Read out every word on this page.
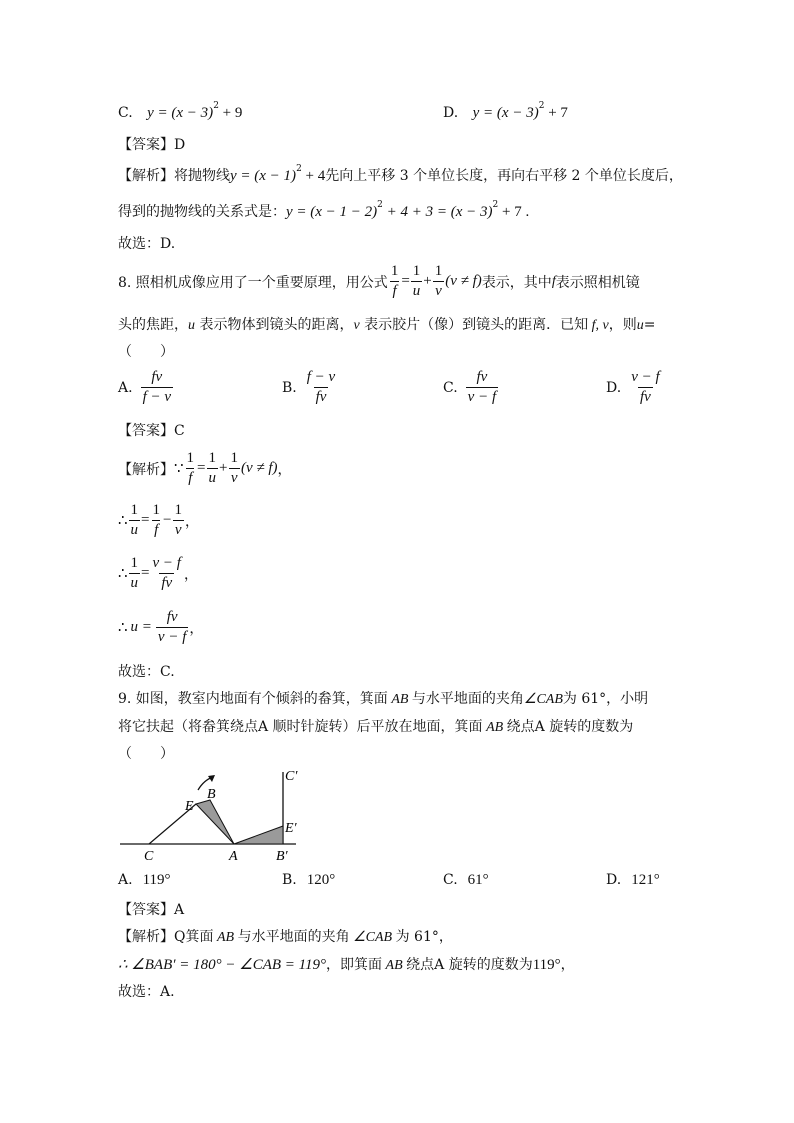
C. $y = (x - 3)^2 + 9$	D. $y = (x - 3)^2 + 7$
【答案】D
【解析】将抛物线$y = (x - 1)^2 + 4$先向上平移 3 个单位长度，再向右平移 2 个单位长度后，
得到的抛物线的关系式是：$y = (x - 1 - 2)^2 + 4 + 3 = (x - 3)^2 + 7$ .
故选：D.
8. 照相机成像应用了一个重要原理，用公式 $\frac{1}{f} = \frac{1}{u} + \frac{1}{v} (v \ne f)$ 表示，其中 f 表示照相机镜
头的焦距，u 表示物体到镜头的距离，v 表示胶片（像）到镜头的距离．已知 f, v，则u=
（　　）
A. $\frac{fv}{f - v}$	B. $\frac{f - v}{fv}$	C. $\frac{fv}{v - f}$	D. $\frac{v - f}{fv}$
【答案】C
【解析】 ∵ $\frac{1}{f} = \frac{1}{u} + \frac{1}{v} (v \ne f)$ ，
∴ $\frac{1}{u} = \frac{1}{f} - \frac{1}{v}$ ，
∴ $\frac{1}{u} = \frac{v - f}{fv}$ ，
∴ $u = \frac{fv}{v - f}$ ，
故选：C.
9. 如图，教室内地面有个倾斜的畚箕，箕面 AB 与水平地面的夹角∠CAB为 61°，小明
将它扶起（将畚箕绕点A 顺时针旋转）后平放在地面，箕面 AB 绕点A 旋转的度数为
（　　）
C	A
B
E
C′
E′
B′
A. 119°	B. 120°	C. 61°	D. 121°
【答案】A
【解析】Q箕面 AB 与水平地面的夹角 ∠CAB 为 61°，
∴ ∠BAB′ = 180° − ∠CAB = 119°，即箕面 AB 绕点A 旋转的度数为119°，
故选：A.
